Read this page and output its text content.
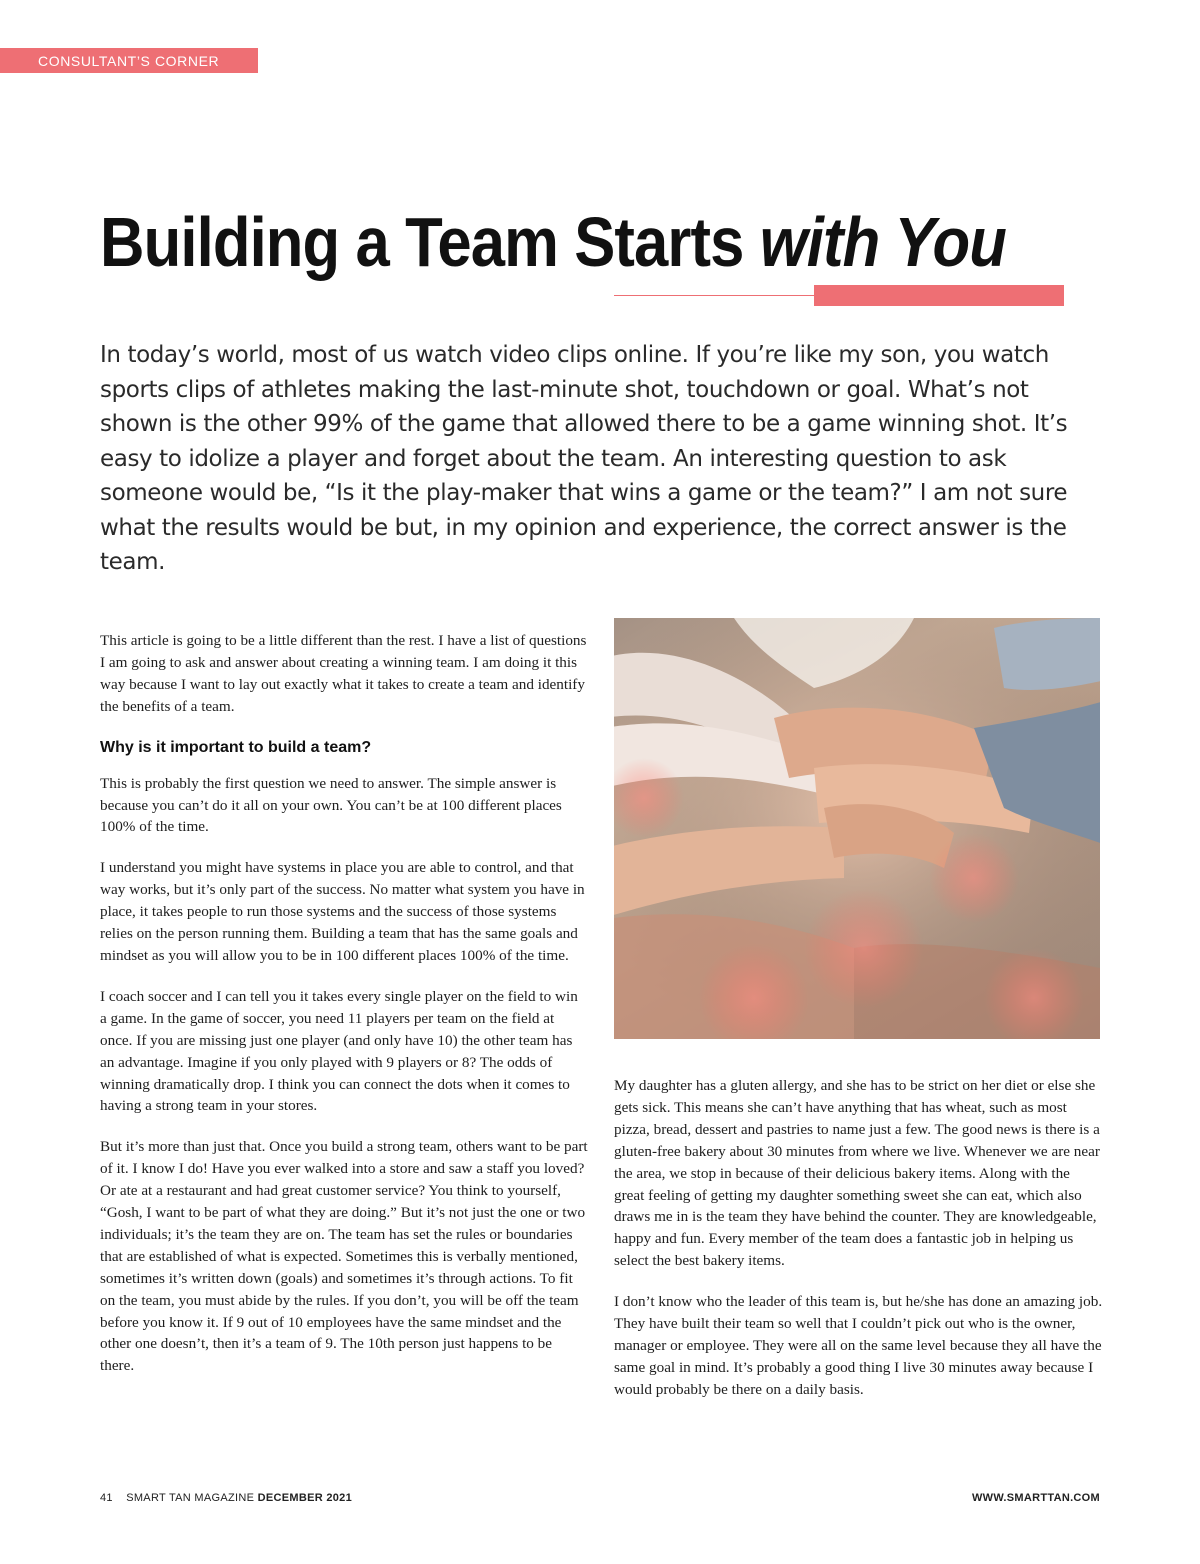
CONSULTANT’S CORNER
Building a Team Starts with You

In today’s world, most of us watch video clips online. If you’re like my son, you watch sports clips of athletes making the last-minute shot, touchdown or goal. What’s not shown is the other 99% of the game that allowed there to be a game winning shot. It’s easy to idolize a player and forget about the team. An interesting question to ask someone would be, “Is it the play-maker that wins a game or the team?” I am not sure what the results would be but, in my opinion and experience, the correct answer is the team.

This article is going to be a little different than the rest. I have a list of questions I am going to ask and answer about creating a winning team. I am doing it this way because I want to lay out exactly what it takes to create a team and identify the benefits of a team.

Why is it important to build a team?

This is probably the first question we need to answer. The simple answer is because you can’t do it all on your own. You can’t be at 100 different places 100% of the time.

I understand you might have systems in place you are able to control, and that way works, but it’s only part of the success. No matter what system you have in place, it takes people to run those systems and the success of those systems relies on the person running them. Building a team that has the same goals and mindset as you will allow you to be in 100 different places 100% of the time.

I coach soccer and I can tell you it takes every single player on the field to win a game. In the game of soccer, you need 11 players per team on the field at once. If you are missing just one player (and only have 10) the other team has an advantage. Imagine if you only played with 9 players or 8? The odds of winning dramatically drop. I think you can connect the dots when it comes to having a strong team in your stores.

But it’s more than just that. Once you build a strong team, others want to be part of it. I know I do! Have you ever walked into a store and saw a staff you loved? Or ate at a restaurant and had great customer service? You think to yourself, “Gosh, I want to be part of what they are doing.” But it’s not just the one or two individuals; it’s the team they are on. The team has set the rules or boundaries that are established of what is expected. Sometimes this is verbally mentioned, sometimes it’s written down (goals) and sometimes it’s through actions. To fit on the team, you must abide by the rules. If you don’t, you will be off the team before you know it. If 9 out of 10 employees have the same mindset and the other one doesn’t, then it’s a team of 9. The 10th person just happens to be there.

My daughter has a gluten allergy, and she has to be strict on her diet or else she gets sick. This means she can’t have anything that has wheat, such as most pizza, bread, dessert and pastries to name just a few. The good news is there is a gluten-free bakery about 30 minutes from where we live. Whenever we are near the area, we stop in because of their delicious bakery items. Along with the great feeling of getting my daughter something sweet she can eat, which also draws me in is the team they have behind the counter. They are knowledgeable, happy and fun. Every member of the team does a fantastic job in helping us select the best bakery items.

I don’t know who the leader of this team is, but he/she has done an amazing job. They have built their team so well that I couldn’t pick out who is the owner, manager or employee. They were all on the same level because they all have the same goal in mind. It’s probably a good thing I live 30 minutes away because I would probably be there on a daily basis.

41 SMART TAN MAGAZINE DECEMBER 2021	WWW.SMARTTAN.COM
